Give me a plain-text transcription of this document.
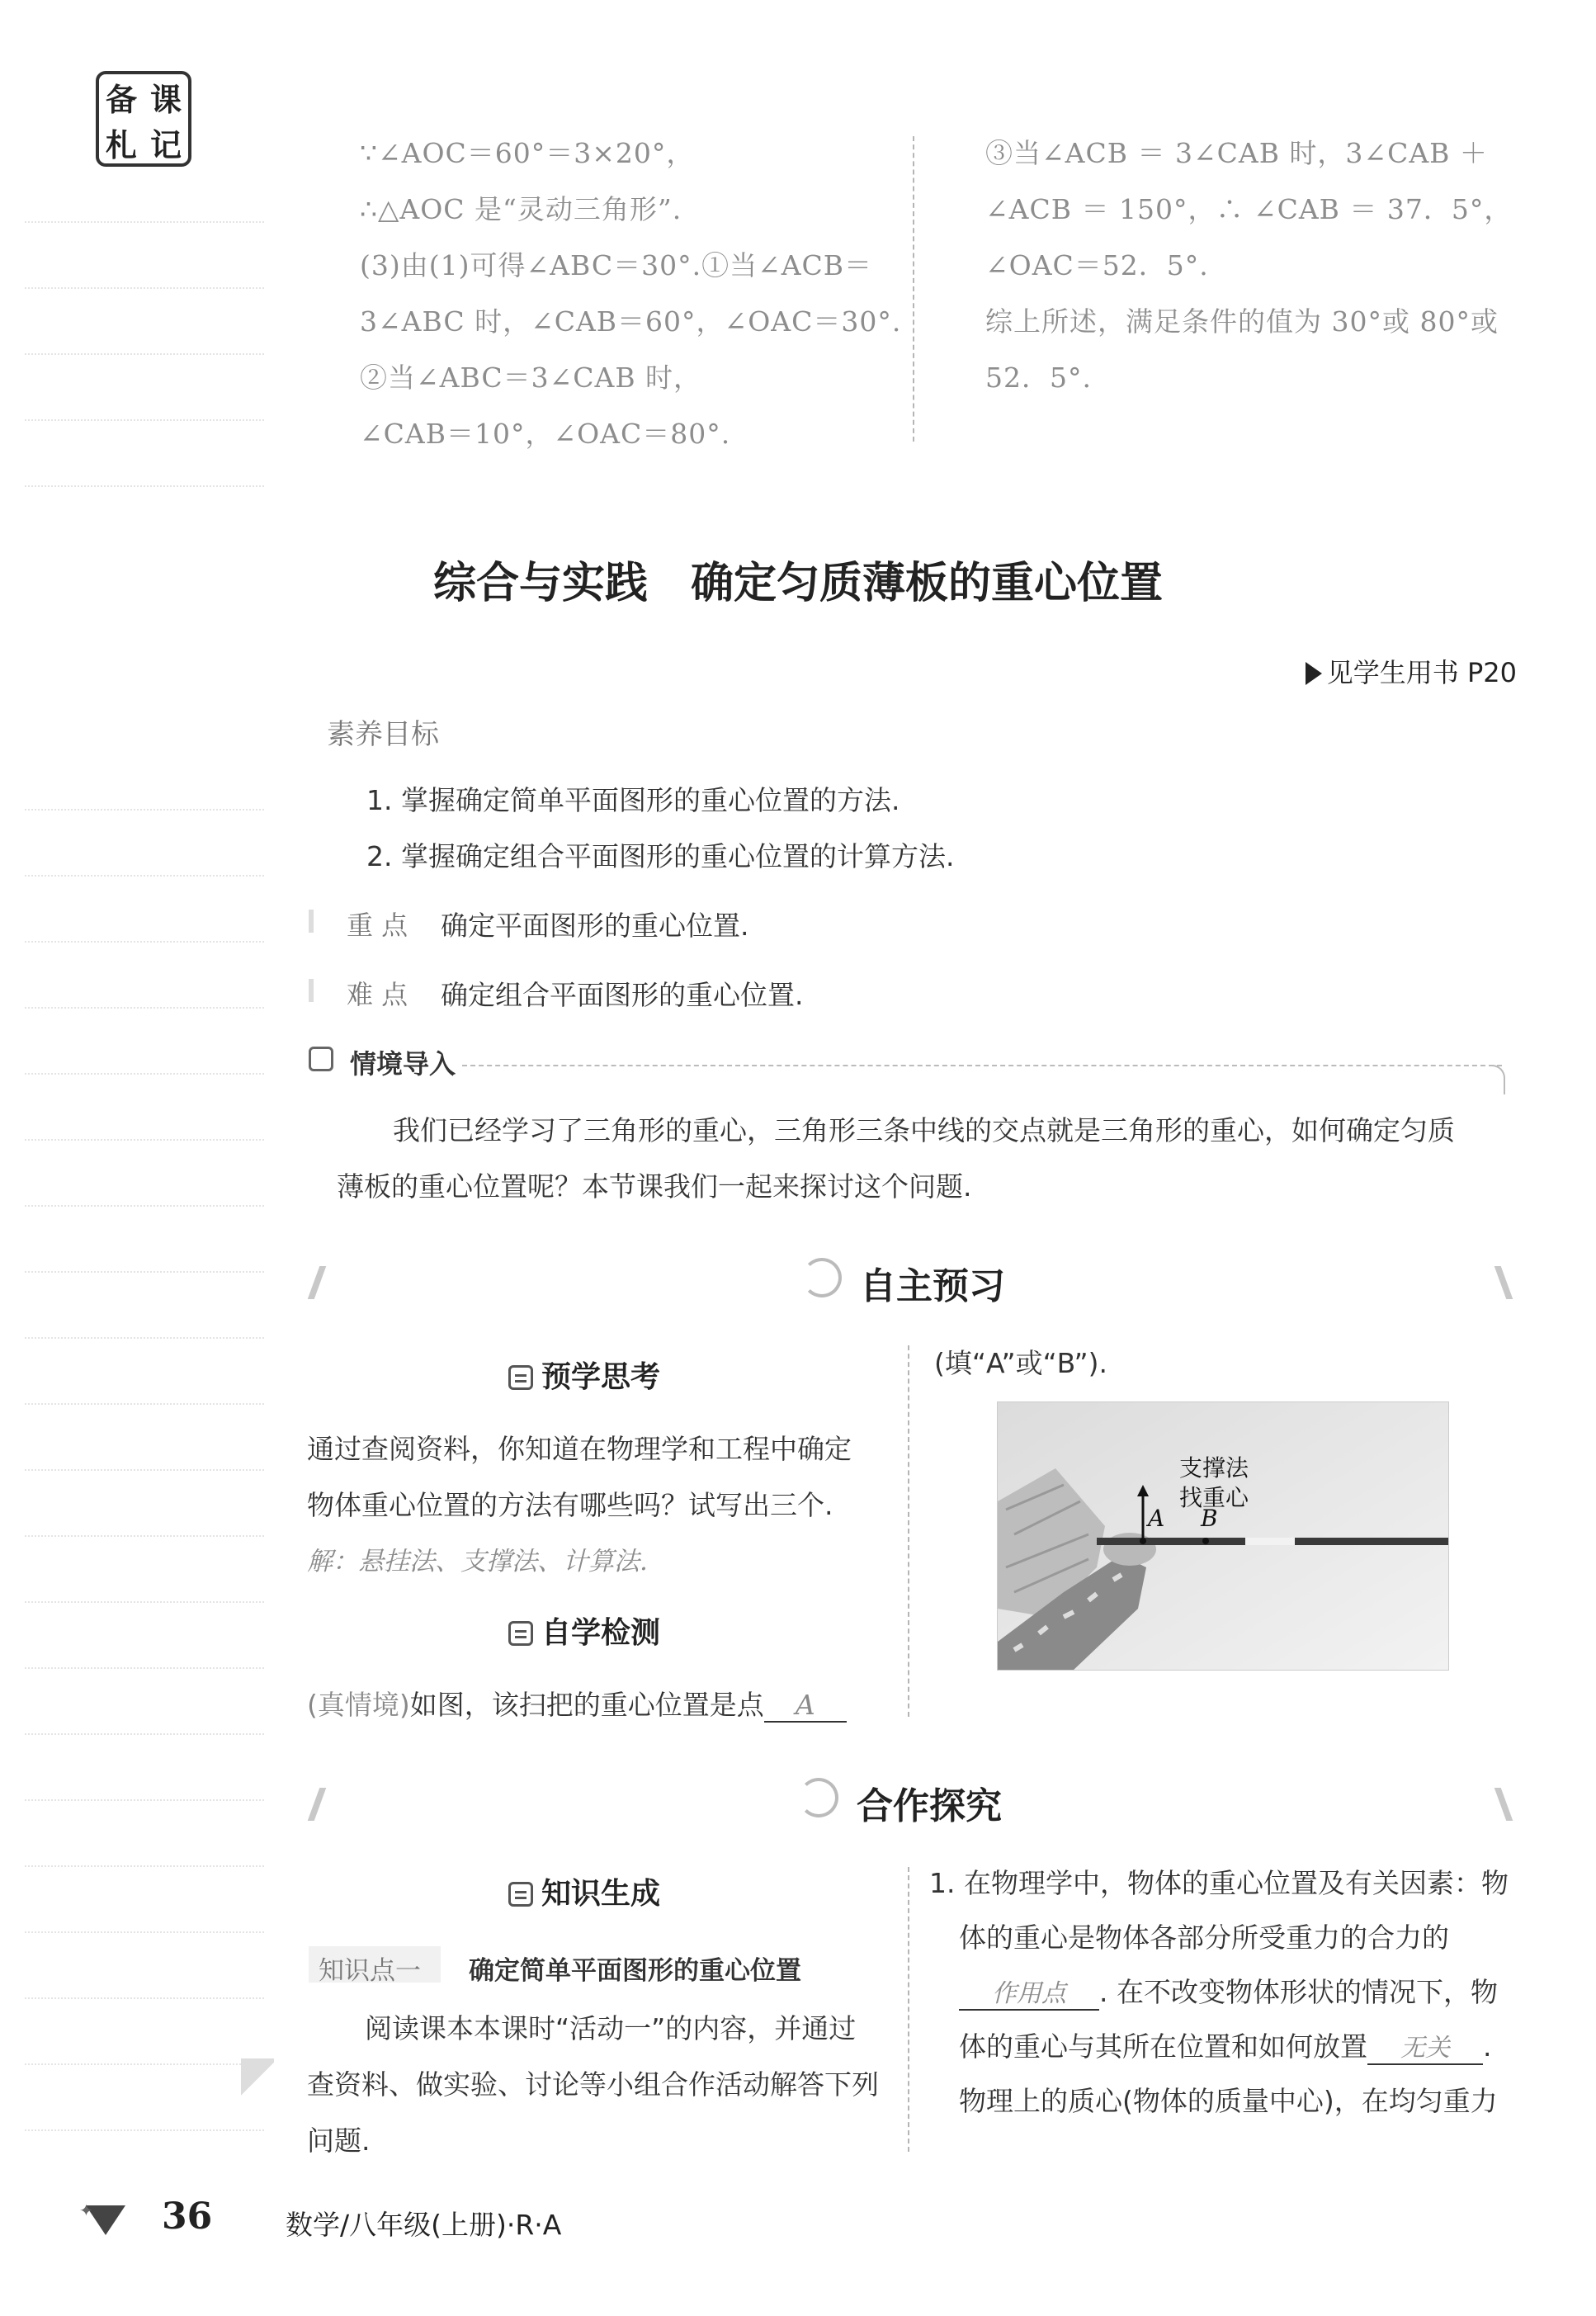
备 课
札 记	∵∠AOC＝60°＝3×20°，
∴△AOC 是“灵动三角形”.
(3)由(1)可得∠ABC＝30°.①当∠ACB＝
3∠ABC 时，∠CAB＝60°，∠OAC＝30°.
②当∠ABC＝3∠CAB 时，
∠CAB＝10°，∠OAC＝80°.
③当∠ACB ＝ 3∠CAB 时，3∠CAB ＋
∠ACB ＝ 150°，∴ ∠CAB ＝ 37．5°，
∠OAC＝52．5°.
综上所述，满足条件的值为 30°或 80°或
52．5°.
综合与实践　确定匀质薄板的重心位置
见学生用书 P20
素养目标
1. 掌握确定简单平面图形的重心位置的方法.
2. 掌握确定组合平面图形的重心位置的计算方法.
重 点 确定平面图形的重心位置.
难 点 确定组合平面图形的重心位置.
情境导入
我们已经学习了三角形的重心，三角形三条中线的交点就是三角形的重心，如何确定匀质
薄板的重心位置呢？本节课我们一起来探讨这个问题.
自主预习
预学思考
通过查阅资料，你知道在物理学和工程中确定
物体重心位置的方法有哪些吗？试写出三个.
解：悬挂法、支撑法、计算法.
自学检测
(真情境)如图，该扫把的重心位置是点 A
(填“A”或“B”).
支撑法
找重心
A B
合作探究
知识生成
知识点一 确定简单平面图形的重心位置
阅读课本本课时“活动一”的内容，并通过
查资料、做实验、讨论等小组合作活动解答下列
问题.
1. 在物理学中，物体的重心位置及有关因素：物
体的重心是物体各部分所受重力的合力的
作用点 . 在不改变物体形状的情况下，物
体的重心与其所在位置和如何放置 无关 .
物理上的质心(物体的质量中心)，在均匀重力
✦ 36	数学/八年级(上册)·R·A
